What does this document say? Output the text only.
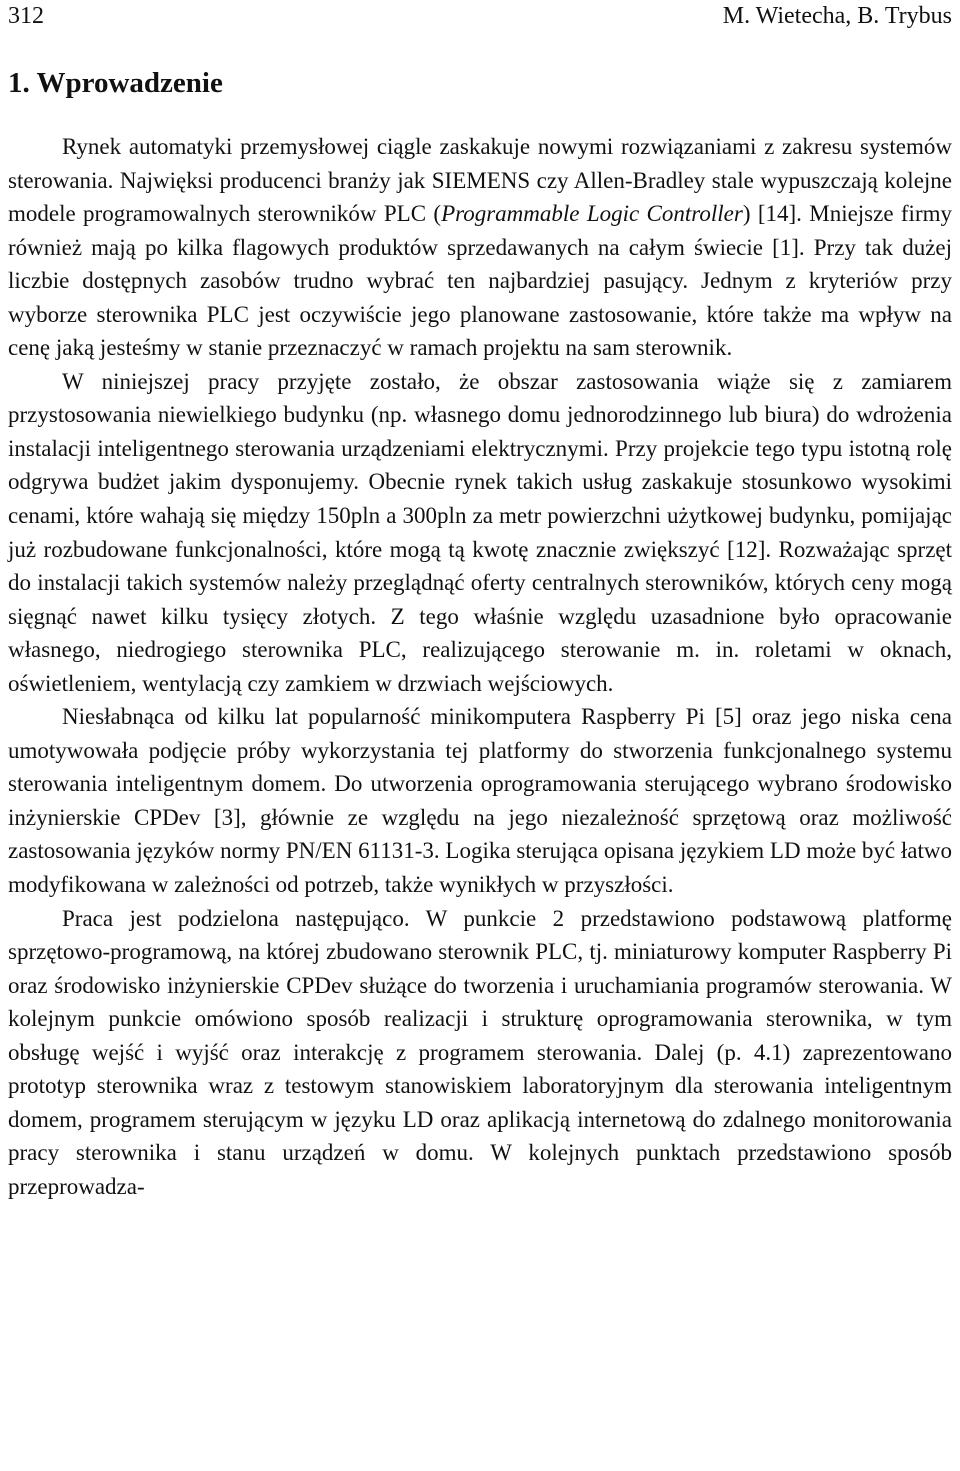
312	M. Wietecha, B. Trybus
1. Wprowadzenie

Rynek automatyki przemysłowej ciągle zaskakuje nowymi rozwiązaniami z zakresu systemów sterowania. Najwięksi producenci branży jak SIEMENS czy Allen-Bradley stale wypuszczają kolejne modele programowalnych sterowników PLC (Programmable Logic Controller) [14]. Mniejsze firmy również mają po kilka flagowych produktów sprzedawanych na całym świecie [1]. Przy tak dużej liczbie dostępnych zasobów trudno wybrać ten najbardziej pasujący. Jednym z kryteriów przy wyborze sterownika PLC jest oczywiście jego planowane zastosowanie, które także ma wpływ na cenę jaką jesteśmy w stanie przeznaczyć w ramach projektu na sam sterownik.

W niniejszej pracy przyjęte zostało, że obszar zastosowania wiąże się z zamiarem przystosowania niewielkiego budynku (np. własnego domu jednorodzinnego lub biura) do wdrożenia instalacji inteligentnego sterowania urządzeniami elektrycznymi. Przy projekcie tego typu istotną rolę odgrywa budżet jakim dysponujemy. Obecnie rynek takich usług zaskakuje stosunkowo wysokimi cenami, które wahają się między 150pln a 300pln za metr powierzchni użytkowej budynku, pomijając już rozbudowane funkcjonalności, które mogą tą kwotę znacznie zwiększyć [12]. Rozważając sprzęt do instalacji takich systemów należy przeglądnąć oferty centralnych sterowników, których ceny mogą sięgnąć nawet kilku tysięcy złotych. Z tego właśnie względu uzasadnione było opracowanie własnego, niedrogiego sterownika PLC, realizującego sterowanie m. in. roletami w oknach, oświetleniem, wentylacją czy zamkiem w drzwiach wejściowych.

Niesłabnąca od kilku lat popularność minikomputera Raspberry Pi [5] oraz jego niska cena umotywowała podjęcie próby wykorzystania tej platformy do stworzenia funkcjonalnego systemu sterowania inteligentnym domem. Do utworzenia oprogramowania sterującego wybrano środowisko inżynierskie CPDev [3], głównie ze względu na jego niezależność sprzętową oraz możliwość zastosowania języków normy PN/EN 61131-3. Logika sterująca opisana językiem LD może być łatwo modyfikowana w zależności od potrzeb, także wynikłych w przyszłości.

Praca jest podzielona następująco. W punkcie 2 przedstawiono podstawową platformę sprzętowo-programową, na której zbudowano sterownik PLC, tj. miniaturowy komputer Raspberry Pi oraz środowisko inżynierskie CPDev służące do tworzenia i uruchamiania programów sterowania. W kolejnym punkcie omówiono sposób realizacji i strukturę oprogramowania sterownika, w tym obsługę wejść i wyjść oraz interakcję z programem sterowania. Dalej (p. 4.1) zaprezentowano prototyp sterownika wraz z testowym stanowiskiem laboratoryjnym dla sterowania inteligentnym domem, programem sterującym w języku LD oraz aplikacją internetową do zdalnego monitorowania pracy sterownika i stanu urządzeń w domu. W kolejnych punktach przedstawiono sposób przeprowadza-
